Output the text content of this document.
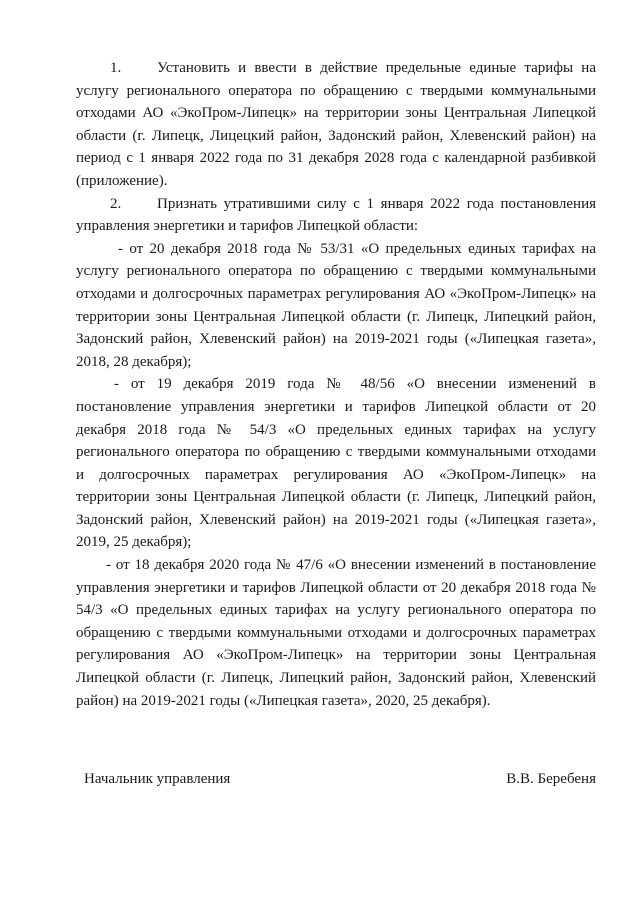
1. Установить и ввести в действие предельные единые тарифы на услугу регионального оператора по обращению с твердыми коммунальными отходами АО «ЭкоПром-Липецк» на территории зоны Центральная Липецкой области (г. Липецк, Лицецкий район, Задонский район, Хлевенский район) на период с 1 января 2022 года по 31 декабря 2028 года с календарной разбивкой (приложение).

2. Признать утратившими силу с 1 января 2022 года постановления управления энергетики и тарифов Липецкой области:

- от 20 декабря 2018 года № 53/31 «О предельных единых тарифах на услугу регионального оператора по обращению с твердыми коммунальными отходами и долгосрочных параметрах регулирования АО «ЭкоПром-Липецк» на территории зоны Центральная Липецкой области (г. Липецк, Липецкий район, Задонский район, Хлевенский район) на 2019-2021 годы («Липецкая газета», 2018, 28 декабря);

- от 19 декабря 2019 года № 48/56 «О внесении изменений в постановление управления энергетики и тарифов Липецкой области от 20 декабря 2018 года № 54/3 «О предельных единых тарифах на услугу регионального оператора по обращению с твердыми коммунальными отходами и долгосрочных параметрах регулирования АО «ЭкоПром-Липецк» на территории зоны Центральная Липецкой области (г. Липецк, Липецкий район, Задонский район, Хлевенский район) на 2019-2021 годы («Липецкая газета», 2019, 25 декабря);

- от 18 декабря 2020 года № 47/6 «О внесении изменений в постановление управления энергетики и тарифов Липецкой области от 20 декабря 2018 года № 54/3 «О предельных единых тарифах на услугу регионального оператора по обращению с твердыми коммунальными отходами и долгосрочных параметрах регулирования АО «ЭкоПром-Липецк» на территории зоны Центральная Липецкой области (г. Липецк, Липецкий район, Задонский район, Хлевенский район) на 2019-2021 годы («Липецкая газета», 2020, 25 декабря).

Начальник управления	В.В. Беребеня
